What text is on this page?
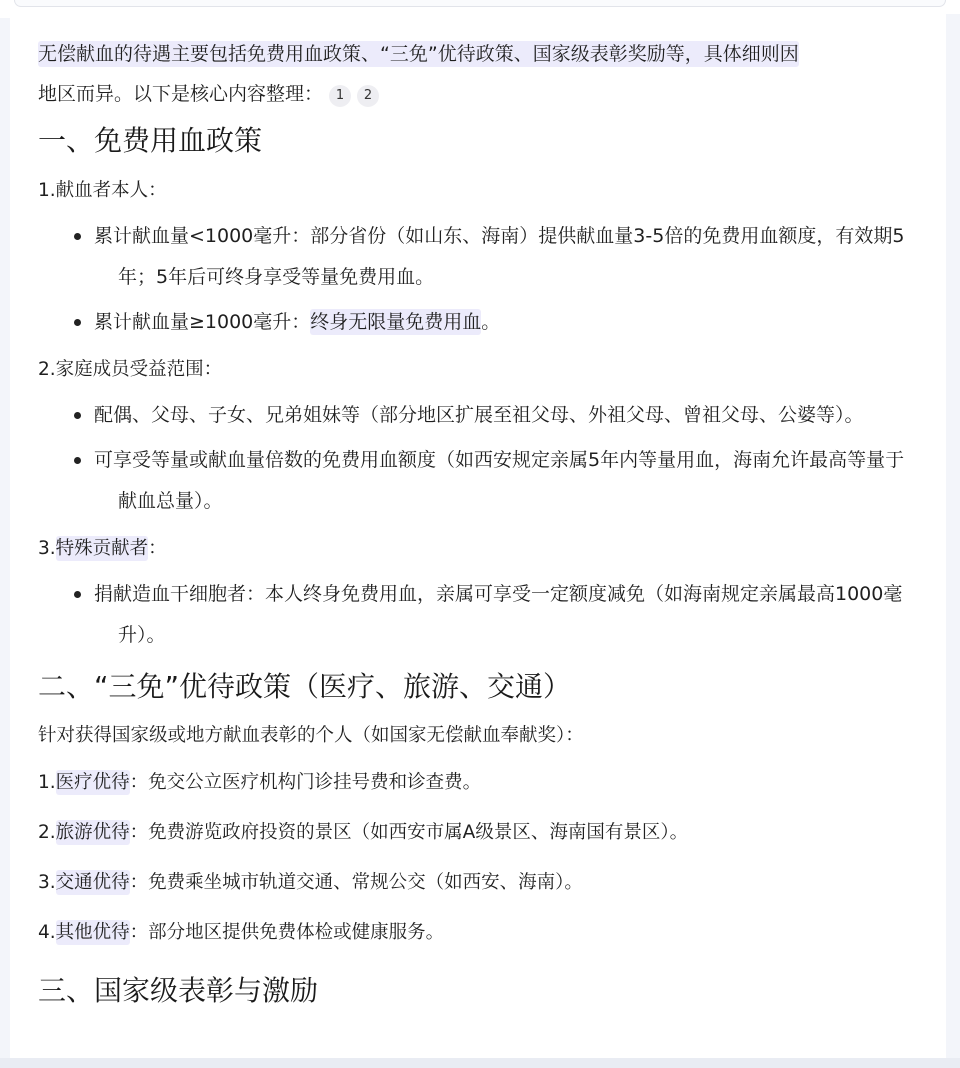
无偿献血的待遇主要包括免费用血政策、“三免”优待政策、国家级表彰奖励等，具体细则因
地区而异。以下是核心内容整理： 1 2

一、免费用血政策
1.献血者本人：
累计献血量<1000毫升：部分省份（如山东、海南）提供献血量3-5倍的免费用血额度，有效期5年；5年后可终身享受等量免费用血。
累计献血量≥1000毫升：终身无限量免费用血。
2.家庭成员受益范围：
配偶、父母、子女、兄弟姐妹等（部分地区扩展至祖父母、外祖父母、曾祖父母、公婆等）。
可享受等量或献血量倍数的免费用血额度（如西安规定亲属5年内等量用血，海南允许最高等量于献血总量）。
3.特殊贡献者：
捐献造血干细胞者：本人终身免费用血，亲属可享受一定额度减免（如海南规定亲属最高1000毫升）。
二、“三免”优待政策（医疗、旅游、交通）

针对获得国家级或地方献血表彰的个人（如国家无偿献血奉献奖）：

1.医疗优待：免交公立医疗机构门诊挂号费和诊查费。
2.旅游优待：免费游览政府投资的景区（如西安市属A级景区、海南国有景区）。
3.交通优待：免费乘坐城市轨道交通、常规公交（如西安、海南）。
4.其他优待：部分地区提供免费体检或健康服务。
三、国家级表彰与激励
